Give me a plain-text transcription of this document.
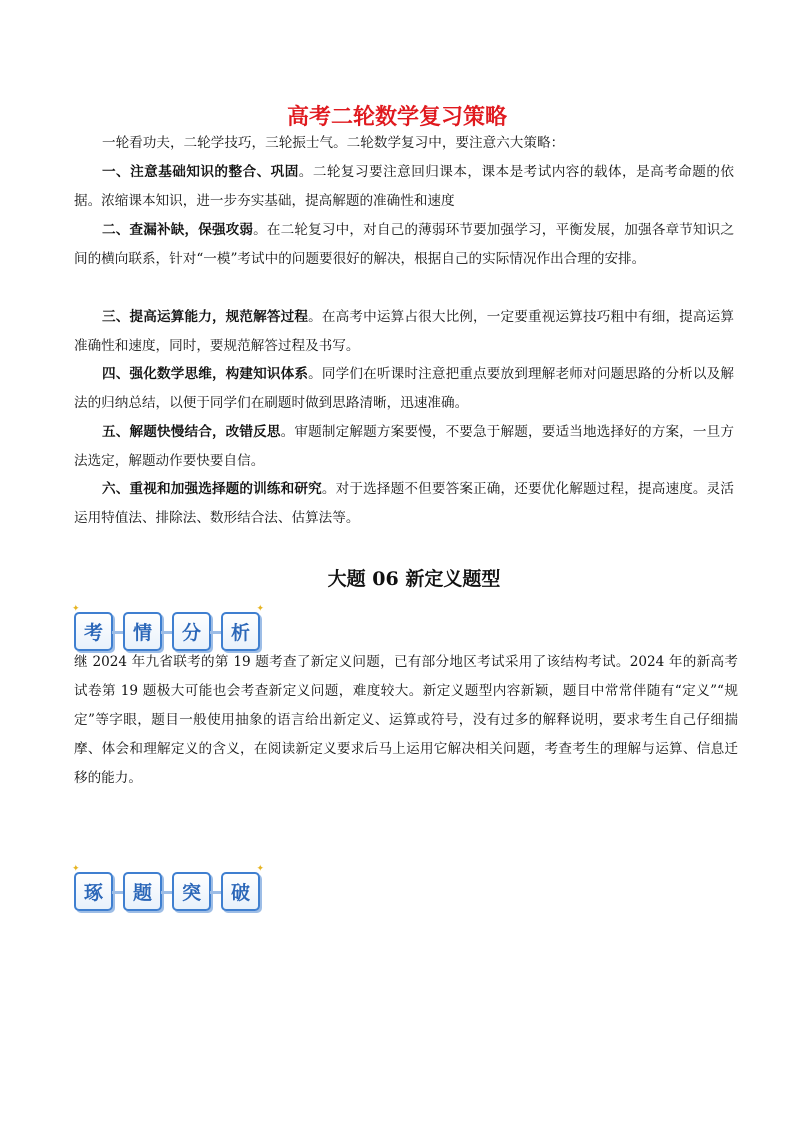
高考二轮数学复习策略
一轮看功夫，二轮学技巧，三轮振士气。二轮数学复习中，要注意六大策略：
一、注意基础知识的整合、巩固。二轮复习要注意回归课本，课本是考试内容的载体，是高考命题的依据。浓缩课本知识，进一步夯实基础，提高解题的准确性和速度
二、查漏补缺，保强攻弱。在二轮复习中，对自己的薄弱环节要加强学习，平衡发展，加强各章节知识之间的横向联系，针对“一模”考试中的问题要很好的解决，根据自己的实际情况作出合理的安排。
三、提高运算能力，规范解答过程。在高考中运算占很大比例，一定要重视运算技巧粗中有细，提高运算准确性和速度，同时，要规范解答过程及书写。
四、强化数学思维，构建知识体系。同学们在听课时注意把重点要放到理解老师对问题思路的分析以及解法的归纳总结，以便于同学们在刷题时做到思路清晰，迅速准确。
五、解题快慢结合，改错反思。审题制定解题方案要慢，不要急于解题，要适当地选择好的方案，一旦方法选定，解题动作要快要自信。
六、重视和加强选择题的训练和研究。对于选择题不但要答案正确，还要优化解题过程，提高速度。灵活运用特值法、排除法、数形结合法、估算法等。
大题 06 新定义题型
考
✦
情 分 析
✦
继 2024 年九省联考的第 19 题考查了新定义问题，已有部分地区考试采用了该结构考试。2024 年的新高考试卷第 19 题极大可能也会考查新定义问题，难度较大。新定义题型内容新颖，题目中常常伴随有“定义”“规定”等字眼，题目一般使用抽象的语言给出新定义、运算或符号，没有过多的解释说明，要求考生自己仔细揣摩、体会和理解定义的含义，在阅读新定义要求后马上运用它解决相关问题，考查考生的理解与运算、信息迁移的能力。
琢
✦
题 突 破
✦
